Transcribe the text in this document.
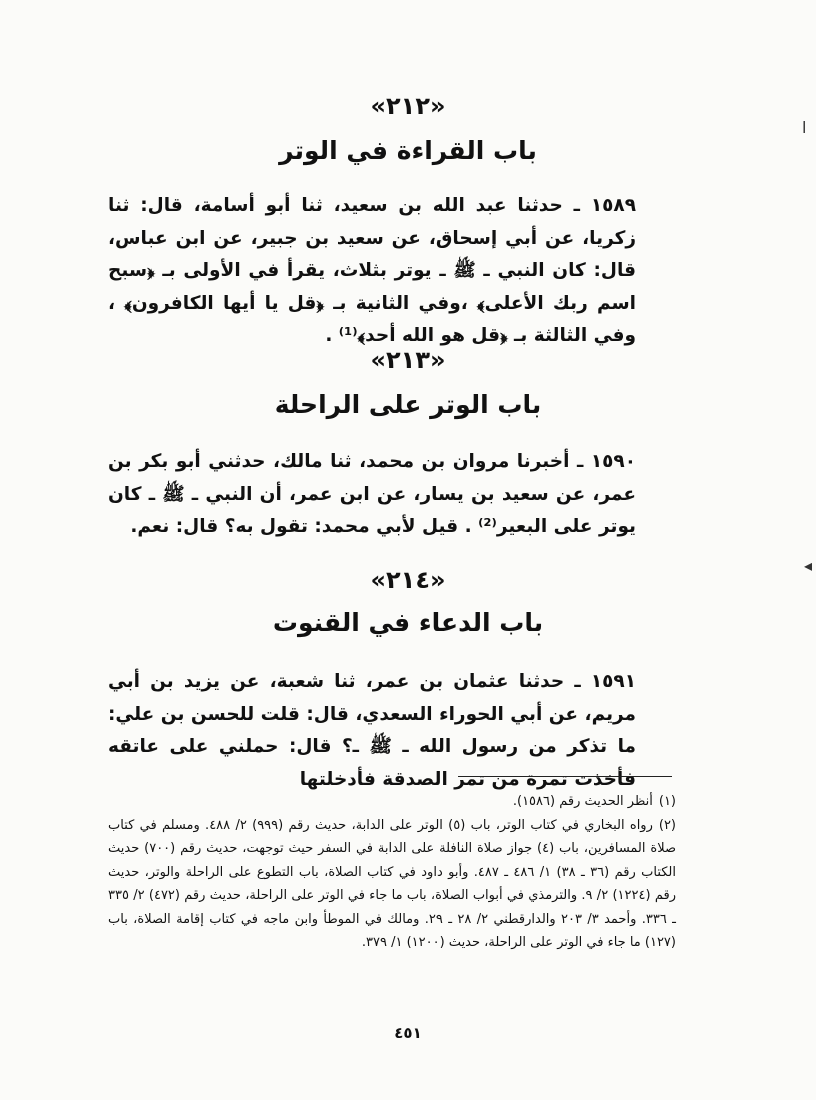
ا
◂
«٢١٢»
باب القراءة في الوتر
١٥٨٩ ـ حدثنا عبد الله بن سعيد، ثنا أبو أسامة، قال: ثنا زكريا، عن أبي إسحاق، عن سعيد بن جبير، عن ابن عباس، قال: كان النبي ـ ﷺ ـ يوتر بثلاث، يقرأ في الأولى بـ ﴿سبح اسم ربك الأعلى﴾ ،وفي الثانية بـ ﴿قل يا أيها الكافرون﴾ ، وفي الثالثة بـ ﴿قل هو الله أحد﴾⁽¹⁾ .
«٢١٣»
باب الوتر على الراحلة
١٥٩٠ ـ أخبرنا مروان بن محمد، ثنا مالك، حدثني أبو بكر بن عمر، عن سعيد بن يسار، عن ابن عمر، أن النبي ـ ﷺ ـ كان يوتر على البعير⁽²⁾ . قيل لأبي محمد: تقول به؟ قال: نعم.
«٢١٤»
باب الدعاء في القنوت
١٥٩١ ـ حدثنا عثمان بن عمر، ثنا شعبة، عن يزيد بن أبي مريم، عن أبي الحوراء السعدي، قال: قلت للحسن بن علي: ما تذكر من رسول الله ـ ﷺ ـ؟ قال: حملني على عاتقه فأخذت تمرة من تمر الصدقة فأدخلتها

(١)أنظر الحديث رقم (١٥٨٦).

(٢)رواه البخاري في كتاب الوتر، باب (٥) الوتر على الدابة، حديث رقم (٩٩٩) ٢/ ٤٨٨. ومسلم في كتاب صلاة المسافرين، باب (٤) جواز صلاة النافلة على الدابة في السفر حيث توجهت، حديث رقم (٧٠٠) حديث الكتاب رقم (٣٦ ـ ٣٨) ١/ ٤٨٦ ـ ٤٨٧. وأبو داود في كتاب الصلاة، باب التطوع على الراحلة والوتر، حديث رقم (١٢٢٤) ٢/ ٩. والترمذي في أبواب الصلاة، باب ما جاء في الوتر على الراحلة، حديث رقم (٤٧٢) ٢/ ٣٣٥ ـ ٣٣٦. وأحمد ٣/ ٢٠٣ والدارقطني ٢/ ٢٨ ـ ٢٩. ومالك في الموطأ وابن ماجه في كتاب إقامة الصلاة، باب (١٢٧) ما جاء في الوتر على الراحلة، حديث (١٢٠٠) ١/ ٣٧٩.

٤٥١
